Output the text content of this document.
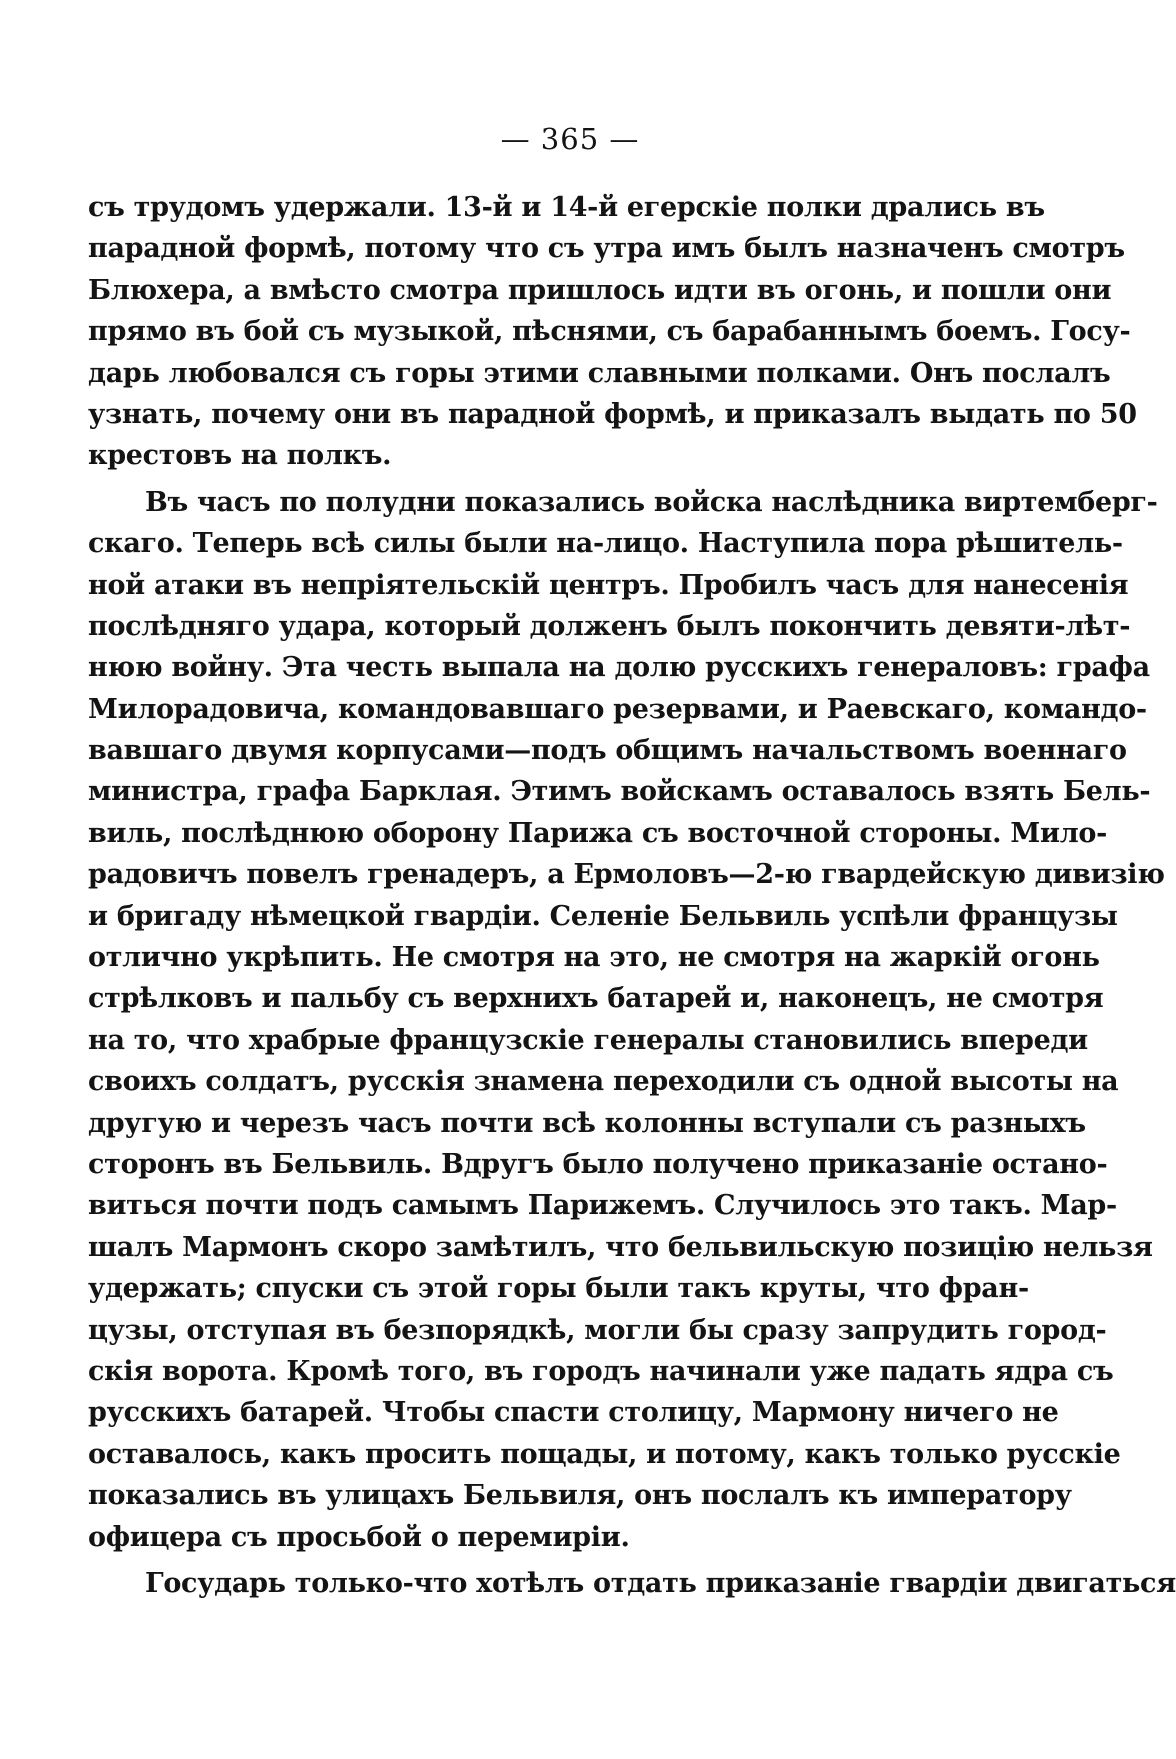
— 365 —
съ трудомъ удержали. 13-й и 14-й егерскіе полки дрались въ
парадной формѣ, потому что съ утра имъ былъ назначенъ смотръ
Блюхера, а вмѣсто смотра пришлось идти въ огонь, и пошли они
прямо въ бой съ музыкой, пѣснями, съ барабаннымъ боемъ. Госу-
дарь любовался съ горы этими славными полками. Онъ послалъ
узнать, почему они въ парадной формѣ, и приказалъ выдать по 50
крестовъ на полкъ.
Въ часъ по полудни показались войска наслѣдника виртемберг-
скаго. Теперь всѣ силы были на-лицо. Наступила пора рѣшитель-
ной атаки въ непріятельскій центръ. Пробилъ часъ для нанесенія
послѣдняго удара, который долженъ былъ покончить девяти-лѣт-
нюю войну. Эта честь выпала на долю русскихъ генераловъ: графа
Милорадовича, командовавшаго резервами, и Раевскаго, командо-
вавшаго двумя корпусами—подъ общимъ начальствомъ военнаго
министра, графа Барклая. Этимъ войскамъ оставалось взять Бель-
виль, послѣднюю оборону Парижа съ восточной стороны. Мило-
радовичъ повелъ гренадеръ, а Ермоловъ—2-ю гвардейскую дивизію
и бригаду нѣмецкой гвардіи. Селеніе Бельвиль успѣли французы
отлично укрѣпить. Не смотря на это, не смотря на жаркій огонь
стрѣлковъ и пальбу съ верхнихъ батарей и, наконецъ, не смотря
на то, что храбрые французскіе генералы становились впереди
своихъ солдатъ, русскія знамена переходили съ одной высоты на
другую и черезъ часъ почти всѣ колонны вступали съ разныхъ
сторонъ въ Бельвиль. Вдругъ было получено приказаніе остано-
виться почти подъ самымъ Парижемъ. Случилось это такъ. Мар-
шалъ Мармонъ скоро замѣтилъ, что бельвильскую позицію нельзя
удержать; спуски съ этой горы были такъ круты, что фран-
цузы, отступая въ безпорядкѣ, могли бы сразу запрудить город-
скія ворота. Кромѣ того, въ городъ начинали уже падать ядра съ
русскихъ батарей. Чтобы спасти столицу, Мармону ничего не
оставалось, какъ просить пощады, и потому, какъ только русскіе
показались въ улицахъ Бельвиля, онъ послалъ къ императору
офицера съ просьбой о перемиріи.
Государь только-что хотѣлъ отдать приказаніе гвардіи двигаться
